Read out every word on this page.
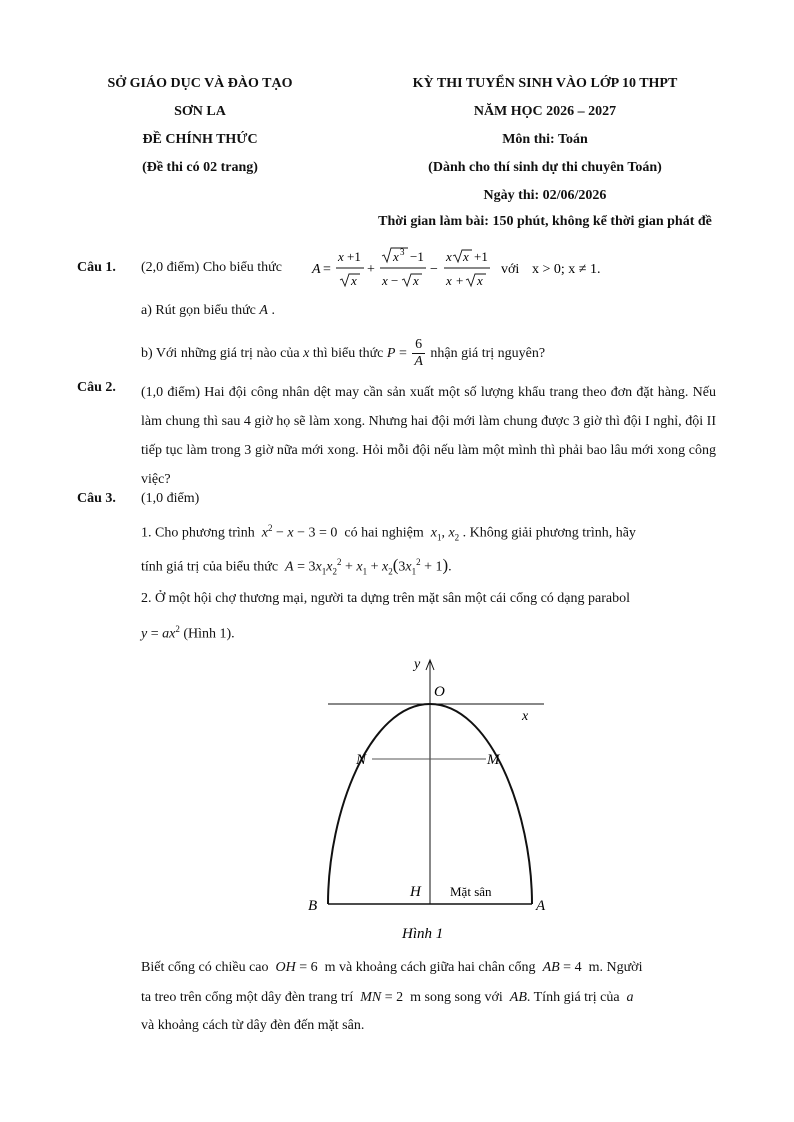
SỞ GIÁO DỤC VÀ ĐÀO TẠO
SƠN LA
ĐỀ CHÍNH THỨC
(Đề thi có 02 trang)
KỲ THI TUYỂN SINH VÀO LỚP 10 THPT
NĂM HỌC 2026 – 2027
Môn thi: Toán
(Dành cho thí sinh dự thi chuyên Toán)
Ngày thi: 02/06/2026
Thời gian làm bài: 150 phút, không kể thời gian phát đề
Câu 1. (2,0 điểm) Cho biểu thức A =
x +1
x
+
x 3 −1
x − x
−
x x +1
x + x
với x > 0; x ≠ 1.
a) Rút gọn biểu thức A .
b) Với những giá trị nào của
x
thì biểu thức
$P = \frac{6}{A}$
nhận giá trị nguyên?
Câu 2. (1,0 điểm) Hai đội công nhân dệt may cần sản xuất một số lượng khẩu trang theo đơn đặt hàng. Nếu làm chung thì sau 4 giờ họ sẽ làm xong. Nhưng hai đội mới làm chung được 3 giờ thì đội I nghỉ, đội II tiếp tục làm trong 3 giờ nữa mới xong. Hỏi mỗi đội nếu làm một mình thì phải bao lâu mới xong công việc?
Câu 3. (1,0 điểm)
1. Cho phương trình $x^2 - x - 3 = 0$  có hai nghiệm $x_1$, $x_2$ . Không giải phương trình, hãy
tính giá trị của biểu thức $A = 3x_1x_2^2 + x_1 + x_2(3x_1^2 + 1)$.
2. Ở một hội chợ thương mại, người ta dựng trên mặt sân một cái cổng có dạng parabol
$y = ax^2$ (Hình 1).
y
x
O
N	M
H
B	A
Mặt sân
Hình 1
Biết cổng có chiều cao OH = 6 m và khoảng cách giữa hai chân cổng AB = 4 m. Người
ta treo trên cổng một dây đèn trang trí MN = 2 m song song với AB. Tính giá trị của a
và khoảng cách từ dây đèn đến mặt sân.
